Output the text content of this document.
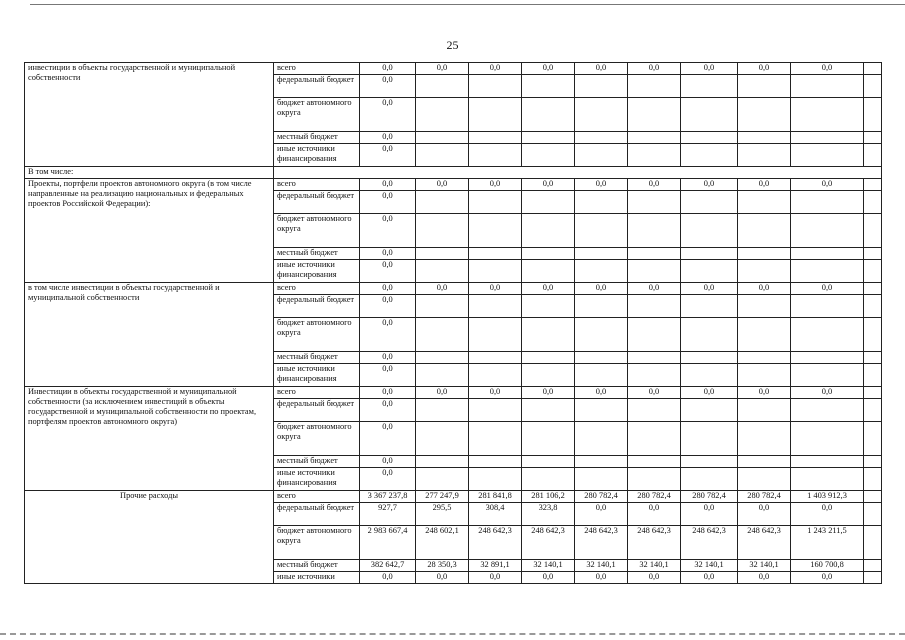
25
инвестиции в объекты государственной и муниципальной собственности	всего	0,0	0,0	0,0	0,0	0,0	0,0	0,0	0,0	0,0	
	федеральный бюджет	0,0									
	бюджет автономного округа	0,0									
	местный бюджет	0,0									
	иные источники финансирования	0,0									
В том числе:											
Проекты, портфели проектов автономного округа (в том числе направленные на реализацию национальных и федеральных проектов Российской Федерации):	всего	0,0	0,0	0,0	0,0	0,0	0,0	0,0	0,0	0,0	
	федеральный бюджет	0,0									
	бюджет автономного округа	0,0									
	местный бюджет	0,0									
	иные источники финансирования	0,0									
в том числе инвестиции в объекты государственной и муниципальной собственности	всего	0,0	0,0	0,0	0,0	0,0	0,0	0,0	0,0	0,0	
	федеральный бюджет	0,0									
	бюджет автономного округа	0,0									
	местный бюджет	0,0									
	иные источники финансирования	0,0									
Инвестиции в объекты государственной и муниципальной собственности (за исключением инвестиций в объекты государственной и муниципальной собственности по проектам, портфелям проектов автономного округа)	всего	0,0	0,0	0,0	0,0	0,0	0,0	0,0	0,0	0,0	
	федеральный бюджет	0,0									
	бюджет автономного округа	0,0									
	местный бюджет	0,0									
	иные источники финансирования	0,0									
Прочие расходы	всего	3 367 237,8	277 247,9	281 841,8	281 106,2	280 782,4	280 782,4	280 782,4	280 782,4	1 403 912,3	
	федеральный бюджет	927,7	295,5	308,4	323,8	0,0	0,0	0,0	0,0	0,0	
	бюджет автономного округа	2 983 667,4	248 602,1	248 642,3	248 642,3	248 642,3	248 642,3	248 642,3	248 642,3	1 243 211,5	
	местный бюджет	382 642,7	28 350,3	32 891,1	32 140,1	32 140,1	32 140,1	32 140,1	32 140,1	160 700,8	
	иные источники	0,0	0,0	0,0	0,0	0,0	0,0	0,0	0,0	0,0	
